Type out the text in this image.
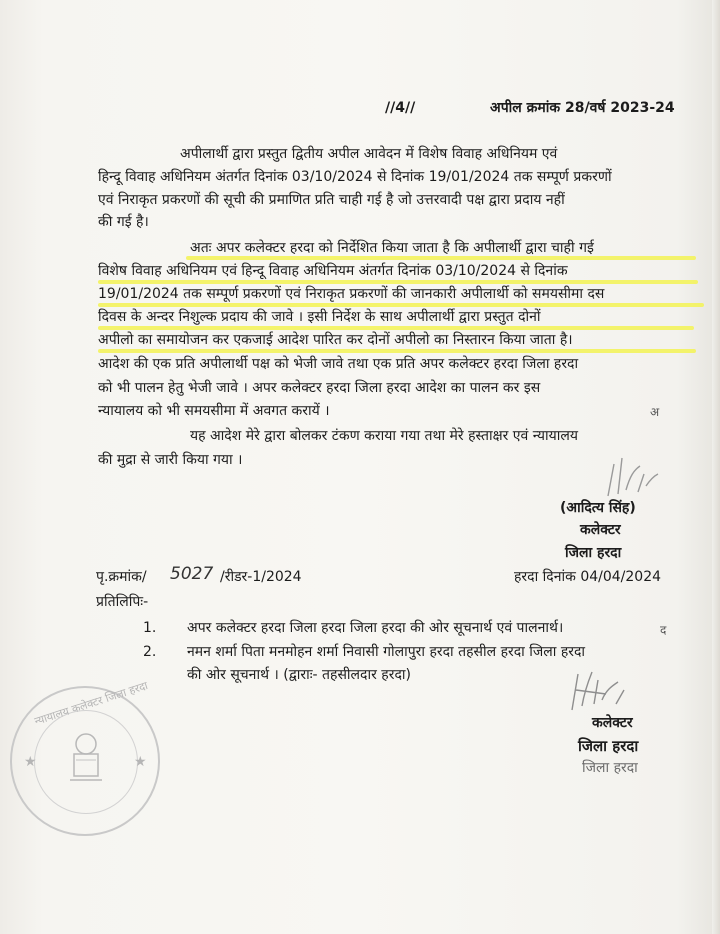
//4//	अपील क्रमांक 28/वर्ष 2023-24
अपीलार्थी द्वारा प्रस्तुत द्वितीय अपील आवेदन में विशेष विवाह अधिनियम एवं
हिन्दू विवाह अधिनियम अंतर्गत दिनांक 03/10/2024 से दिनांक 19/01/2024 तक सम्पूर्ण प्रकरणों
एवं निराकृत प्रकरणों की सूची की प्रमाणित प्रति चाही गई है जो उत्तरवादी पक्ष द्वारा प्रदाय नहीं
की गई है।
अतः अपर कलेक्टर हरदा को निर्देशित किया जाता है कि अपीलार्थी द्वारा चाही गई
विशेष विवाह अधिनियम एवं हिन्दू विवाह अधिनियम अंतर्गत दिनांक 03/10/2024 से दिनांक
19/01/2024 तक सम्पूर्ण प्रकरणों एवं निराकृत प्रकरणों की जानकारी अपीलार्थी को समयसीमा दस
दिवस के अन्दर निशुल्क प्रदाय की जावे । इसी निर्देश के साथ अपीलार्थी द्वारा प्रस्तुत दोनों
अपीलो का समायोजन कर एकजाई आदेश पारित कर दोनों अपीलो का निस्तारन किया जाता है।
आदेश की एक प्रति अपीलार्थी पक्ष को भेजी जावे तथा एक प्रति अपर कलेक्टर हरदा जिला हरदा
को भी पालन हेतु भेजी जावे । अपर कलेक्टर हरदा जिला हरदा आदेश का पालन कर इस
न्यायालय को भी समयसीमा में अवगत करायें ।
यह आदेश मेरे द्वारा बोलकर टंकण कराया गया तथा मेरे हस्ताक्षर एवं न्यायालय
की मुद्रा से जारी किया गया ।
(आदित्य सिंह)
कलेक्टर
जिला हरदा
पृ.क्रमांक/ 5027 /रीडर-1/2024	हरदा दिनांक 04/04/2024
प्रतिलिपिः-
1. अपर कलेक्टर हरदा जिला हरदा जिला हरदा की ओर सूचनार्थ एवं पालनार्थ।
2. नमन शर्मा पिता मनमोहन शर्मा निवासी गोलापुरा हरदा तहसील हरदा जिला हरदा
की ओर सूचनार्थ । (द्वाराः- तहसीलदार हरदा)
कलेक्टर
जिला हरदा
जिला हरदा
न्यायालय कलेक्टर जिला हरदा
★	★
अ
द
